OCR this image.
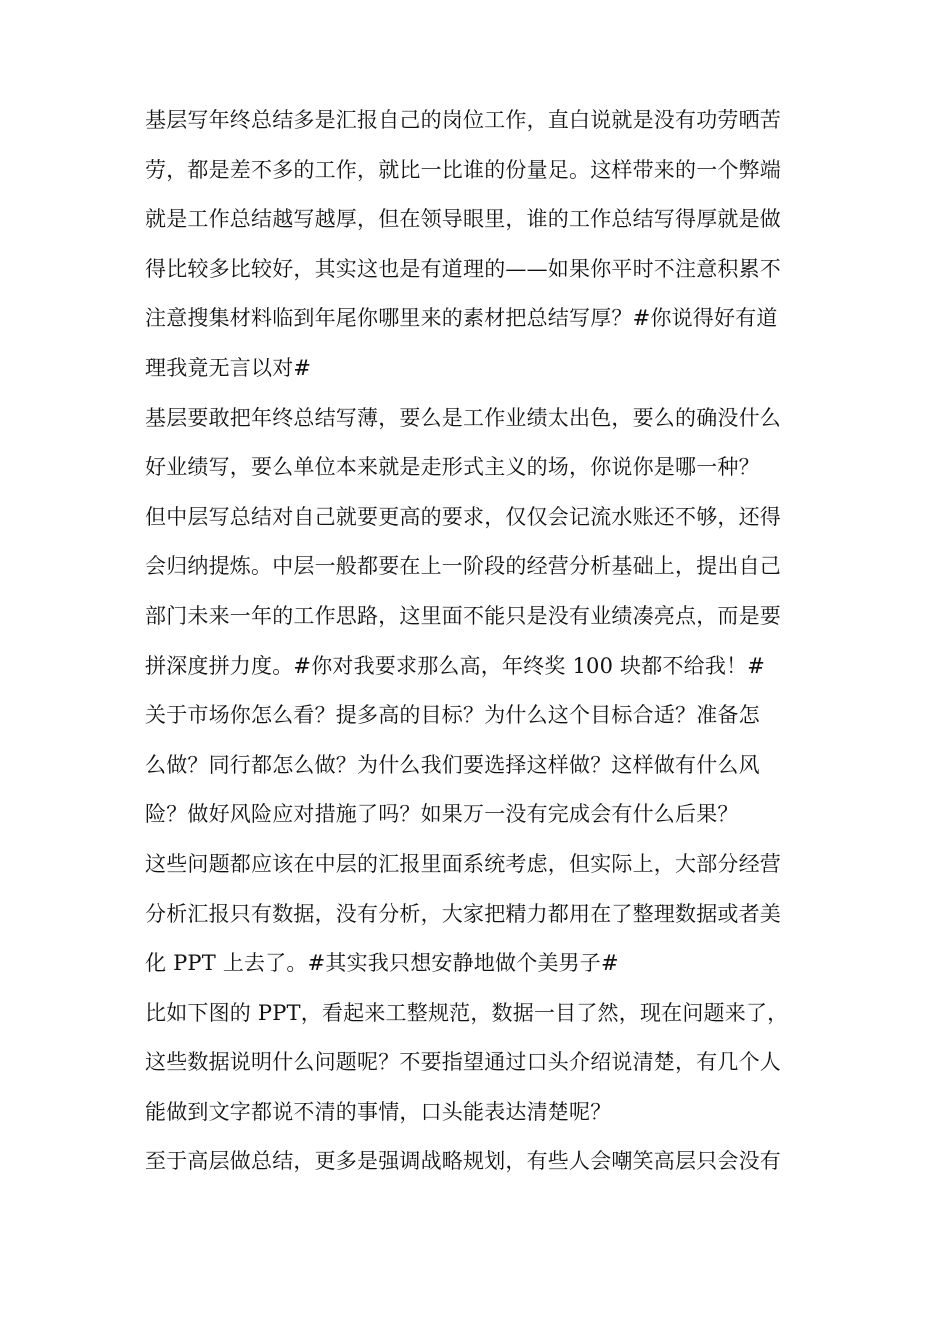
基层写年终总结多是汇报自己的岗位工作，直白说就是没有功劳晒苦
劳，都是差不多的工作，就比一比谁的份量足。这样带来的一个弊端
就是工作总结越写越厚，但在领导眼里，谁的工作总结写得厚就是做
得比较多比较好，其实这也是有道理的——如果你平时不注意积累不
注意搜集材料临到年尾你哪里来的素材把总结写厚？#你说得好有道
理我竟无言以对#
基层要敢把年终总结写薄，要么是工作业绩太出色，要么的确没什么
好业绩写，要么单位本来就是走形式主义的场，你说你是哪一种？
但中层写总结对自己就要更高的要求，仅仅会记流水账还不够，还得
会归纳提炼。中层一般都要在上一阶段的经营分析基础上，提出自己
部门未来一年的工作思路，这里面不能只是没有业绩凑亮点，而是要
拼深度拼力度。#你对我要求那么高，年终奖 100 块都不给我！#
关于市场你怎么看？提多高的目标？为什么这个目标合适？准备怎
么做？同行都怎么做？为什么我们要选择这样做？这样做有什么风
险？做好风险应对措施了吗？如果万一没有完成会有什么后果？
这些问题都应该在中层的汇报里面系统考虑，但实际上，大部分经营
分析汇报只有数据，没有分析，大家把精力都用在了整理数据或者美
化 PPT 上去了。#其实我只想安静地做个美男子#
比如下图的 PPT，看起来工整规范，数据一目了然，现在问题来了，
这些数据说明什么问题呢？不要指望通过口头介绍说清楚，有几个人
能做到文字都说不清的事情，口头能表达清楚呢？
至于高层做总结，更多是强调战略规划，有些人会嘲笑高层只会没有
